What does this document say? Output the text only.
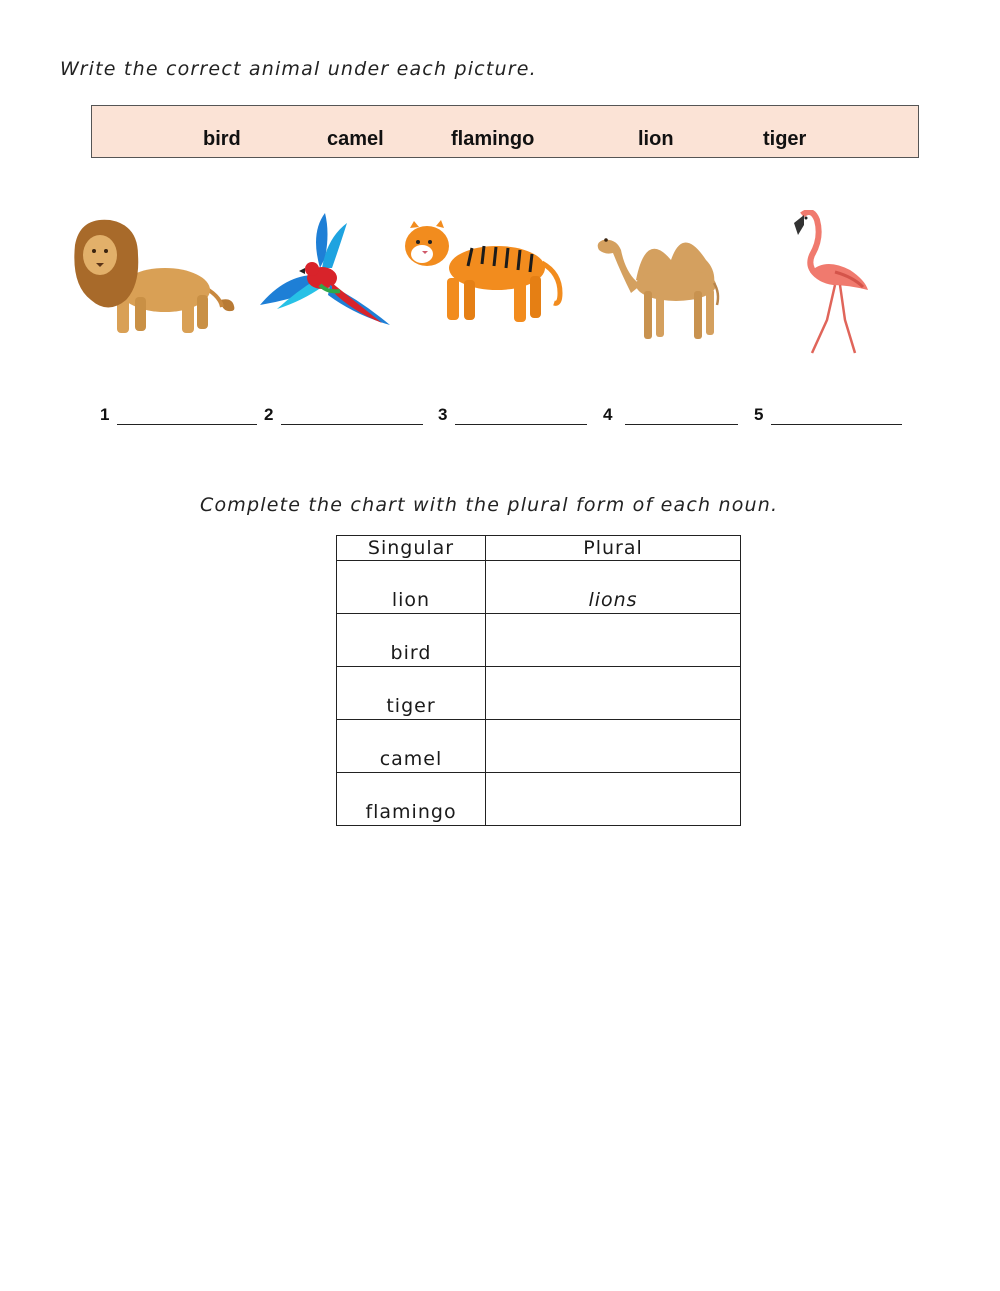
Write the correct animal under each picture.
bird	camel	flamingo	lion	tiger
1	2	3	4	5
Complete the chart with the plural form of each noun.
Singular	Plural
lion	lions
bird	
tiger	
camel	
flamingo	
